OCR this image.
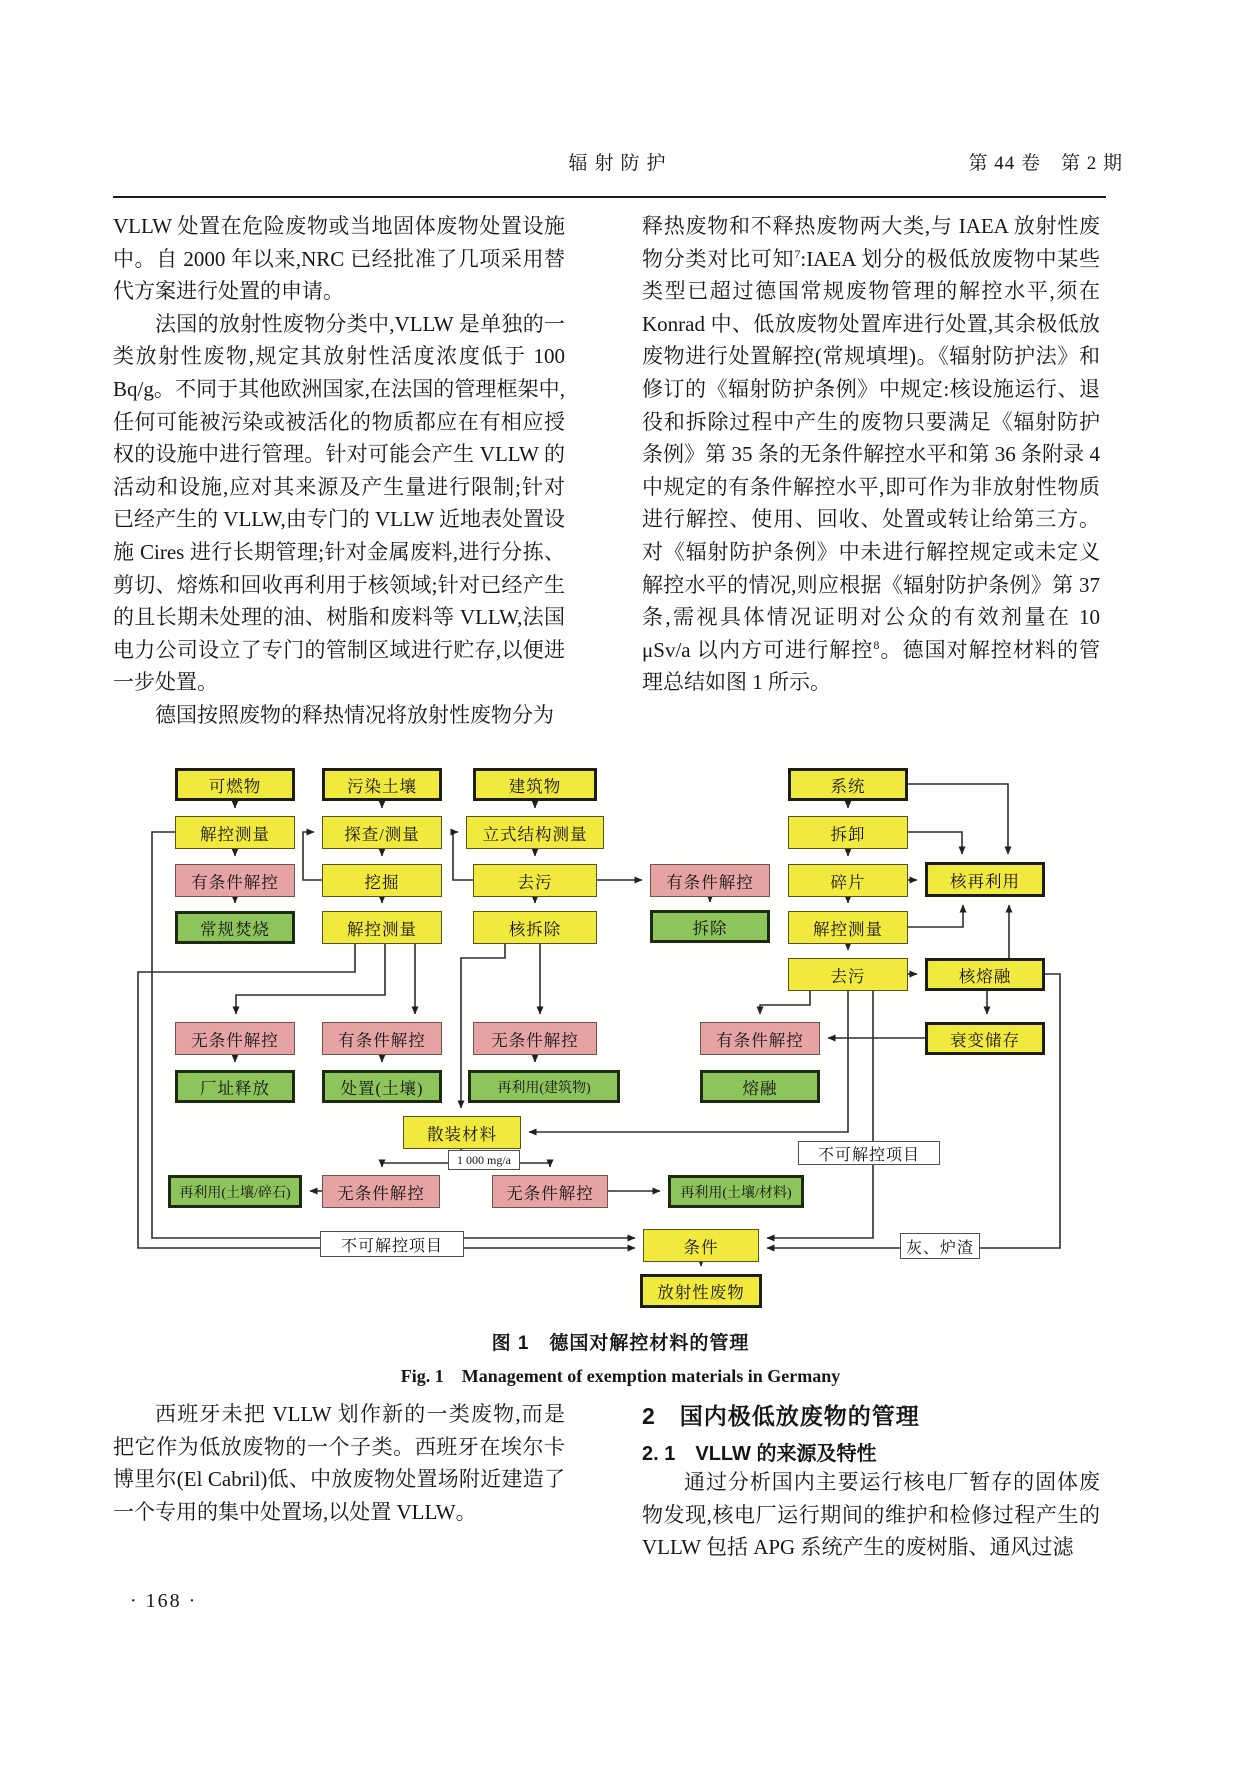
辐射防护	第 44 卷　第 2 期

VLLW 处置在危险废物或当地固体废物处置设施中。自 2000 年以来,NRC 已经批准了几项采用替代方案进行处置的申请。

法国的放射性废物分类中,VLLW 是单独的一类放射性废物,规定其放射性活度浓度低于 100 Bq/g。不同于其他欧洲国家,在法国的管理框架中,任何可能被污染或被活化的物质都应在有相应授权的设施中进行管理。针对可能会产生 VLLW 的活动和设施,应对其来源及产生量进行限制;针对已经产生的 VLLW,由专门的 VLLW 近地表处置设施 Cires 进行长期管理;针对金属废料,进行分拣、剪切、熔炼和回收再利用于核领域;针对已经产生的且长期未处理的油、树脂和废料等 VLLW,法国电力公司设立了专门的管制区域进行贮存,以便进一步处置。

德国按照废物的释热情况将放射性废物分为

释热废物和不释热废物两大类,与 IAEA 放射性废物分类对比可知$^7$:IAEA 划分的极低放废物中某些类型已超过德国常规废物管理的解控水平,须在 Konrad 中、低放废物处置库进行处置,其余极低放废物进行处置解控(常规填埋)。《辐射防护法》和修订的《辐射防护条例》中规定:核设施运行、退役和拆除过程中产生的废物只要满足《辐射防护条例》第 35 条的无条件解控水平和第 36 条附录 4 中规定的有条件解控水平,即可作为非放射性物质进行解控、使用、回收、处置或转让给第三方。对《辐射防护条例》中未进行解控规定或未定义解控水平的情况,则应根据《辐射防护条例》第 37 条,需视具体情况证明对公众的有效剂量在 10 μSv/a 以内方可进行解控$^8$。德国对解控材料的管理总结如图 1 所示。

可燃物	污染土壤	建筑物	系统
解控测量	探查/测量	立式结构测量	拆卸
有条件解控	挖掘	去污	有条件解控	碎片	核再利用
常规焚烧	解控测量	核拆除	拆除	解控测量
去污	核熔融
无条件解控	有条件解控	无条件解控	有条件解控	衰变储存
厂址释放	处置(土壤)	再利用(建筑物)	熔融
散装材料
不可解控项目
1 000 mg/a
再利用(土壤/碎石)	无条件解控	无条件解控	再利用(土壤/材料)
不可解控项目	条件	灰、炉渣
放射性废物
图 1　德国对解控材料的管理
Fig. 1　Management of exemption materials in Germany

西班牙未把 VLLW 划作新的一类废物,而是把它作为低放废物的一个子类。西班牙在埃尔卡博里尔(El Cabril)低、中放废物处置场附近建造了一个专用的集中处置场,以处置 VLLW。

2　国内极低放废物的管理
2. 1　VLLW 的来源及特性

通过分析国内主要运行核电厂暂存的固体废物发现,核电厂运行期间的维护和检修过程产生的 VLLW 包括 APG 系统产生的废树脂、通风过滤

· 168 ·
